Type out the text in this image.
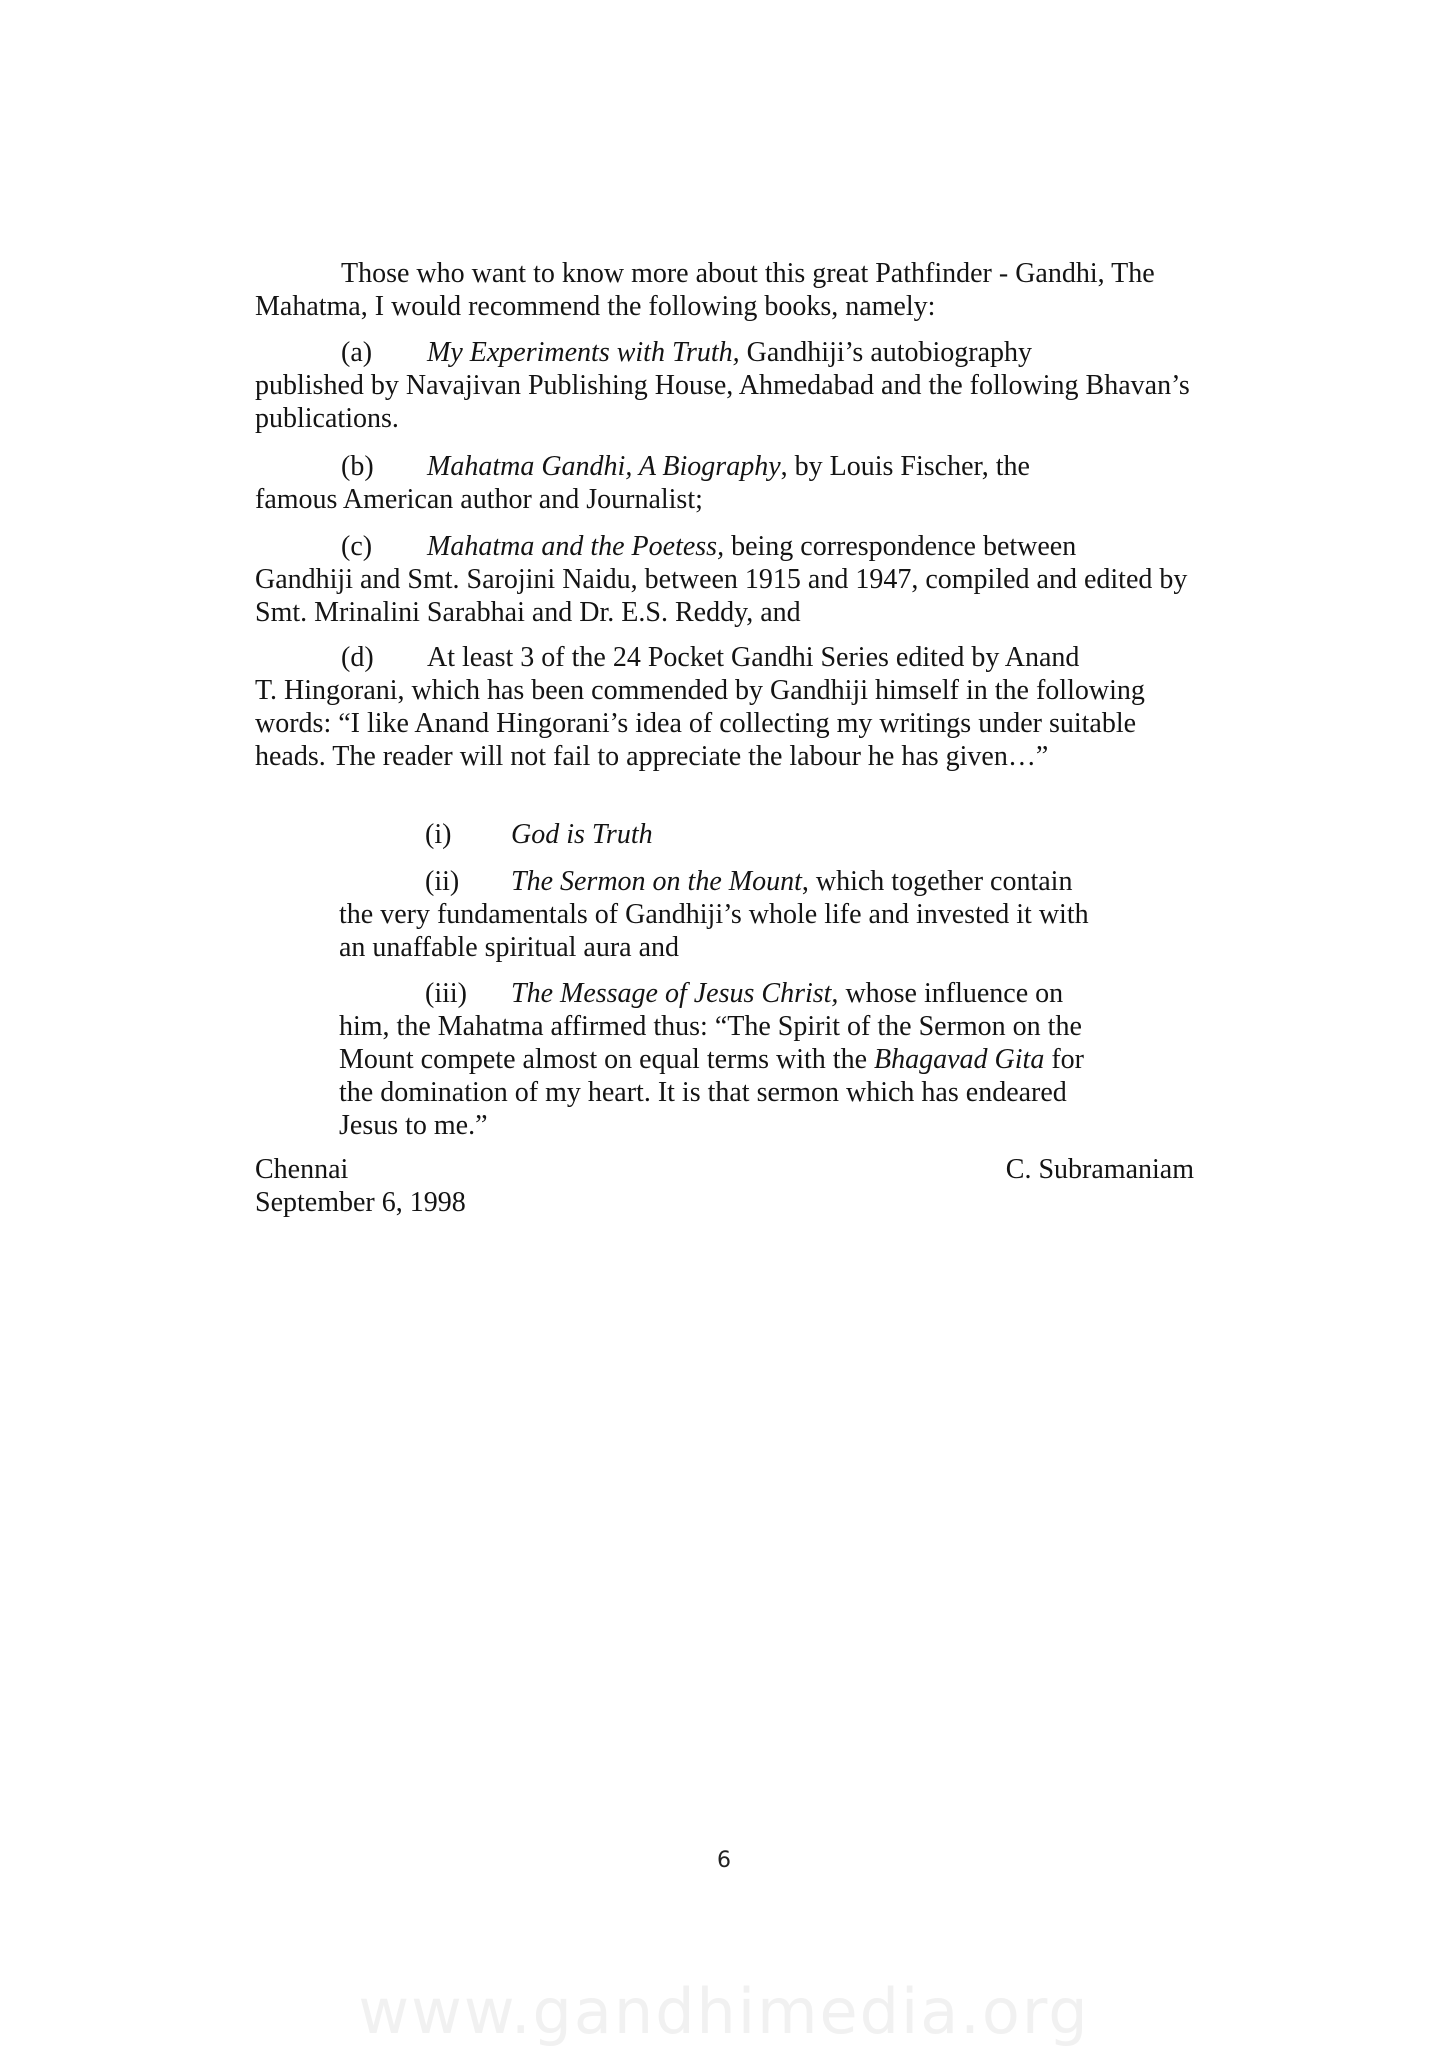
Those who want to know more about this great Pathfinder - Gandhi, The

Mahatma, I would recommend the following books, namely:

(a) My Experiments with Truth, Gandhiji’s autobiography
published by Navajivan Publishing House, Ahmedabad and the following Bhavan’s publications.
(b) Mahatma Gandhi, A Biography, by Louis Fischer, the
famous American author and Journalist;
(c) Mahatma and the Poetess, being correspondence between
Gandhiji and Smt. Sarojini Naidu, between 1915 and 1947, compiled and edited by Smt. Mrinalini Sarabhai and Dr. E.S. Reddy, and
(d) At least 3 of the 24 Pocket Gandhi Series edited by Anand
T. Hingorani, which has been commended by Gandhiji himself in the following words: “I like Anand Hingorani’s idea of collecting my writings under suitable heads. The reader will not fail to appreciate the labour he has given…”
(i) God is Truth
(ii) The Sermon on the Mount, which together contain
the very fundamentals of Gandhiji’s whole life and invested it with an unaffable spiritual aura and
(iii) The Message of Jesus Christ, whose influence on
him, the Mahatma affirmed thus: “The Spirit of the Sermon on the Mount compete almost on equal terms with the Bhagavad Gita for the domination of my heart. It is that sermon which has endeared Jesus to me.”
Chennai
September 6, 1998
C. Subramaniam
6
www.gandhimedia.org
